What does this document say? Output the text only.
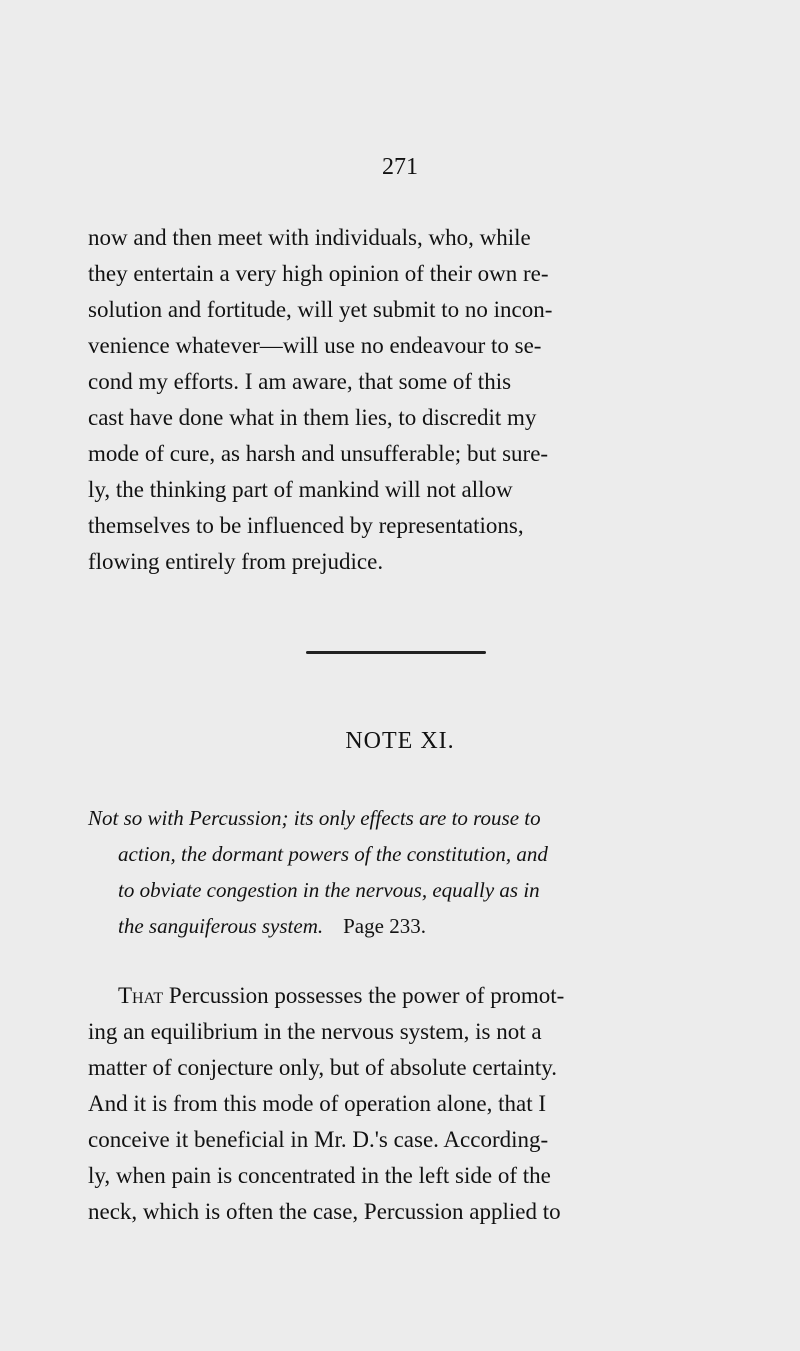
271
now and then meet with individuals, who, while
they entertain a very high opinion of their own re-
solution and fortitude, will yet submit to no incon-
venience whatever—will use no endeavour to se-
cond my efforts. I am aware, that some of this
cast have done what in them lies, to discredit my
mode of cure, as harsh and unsufferable; but sure-
ly, the thinking part of mankind will not allow
themselves to be influenced by representations,
flowing entirely from prejudice.
NOTE XI.
Not so with Percussion; its only effects are to rouse to
action, the dormant powers of the constitution, and
to obviate congestion in the nervous, equally as in
the sanguiferous system. Page 233.
That Percussion possesses the power of promot-
ing an equilibrium in the nervous system, is not a
matter of conjecture only, but of absolute certainty.
And it is from this mode of operation alone, that I
conceive it beneficial in Mr. D.'s case. According-
ly, when pain is concentrated in the left side of the
neck, which is often the case, Percussion applied to
